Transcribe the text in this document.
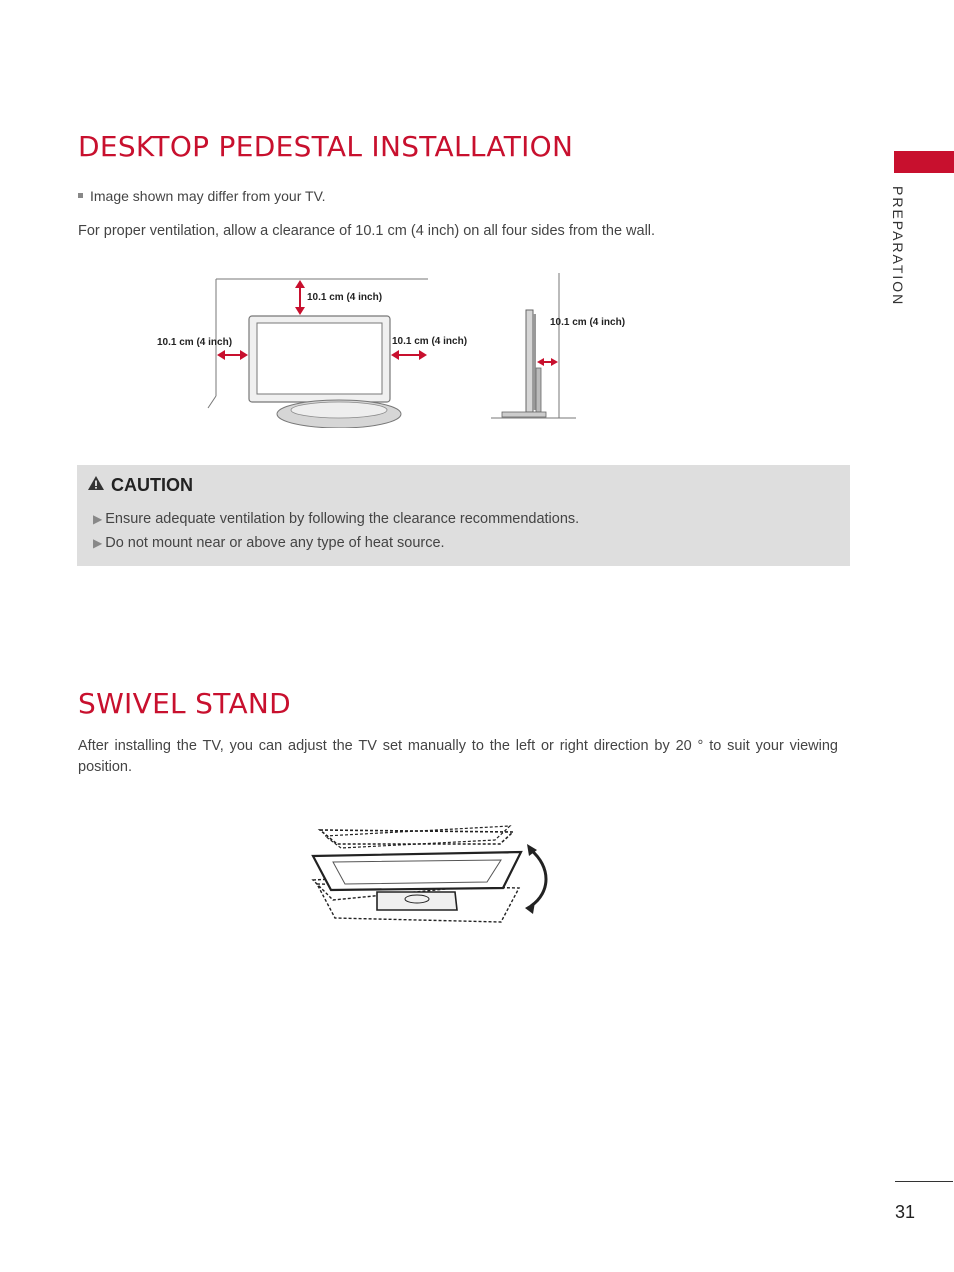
PREPARATION
DESKTOP PEDESTAL INSTALLATION
Image shown may differ from your TV.
For proper ventilation, allow a clearance of 10.1 cm (4 inch) on all four sides from the wall.
10.1 cm (4 inch)
10.1 cm (4 inch)	10.1 cm (4 inch)
10.1 cm (4 inch)
CAUTION
▶ Ensure adequate ventilation by following the clearance recommendations.
▶ Do not mount near or above any type of heat source.
SWIVEL STAND
After installing the TV, you can adjust the TV set manually to the left or right direction by 20 ° to suit your viewing position.
31
